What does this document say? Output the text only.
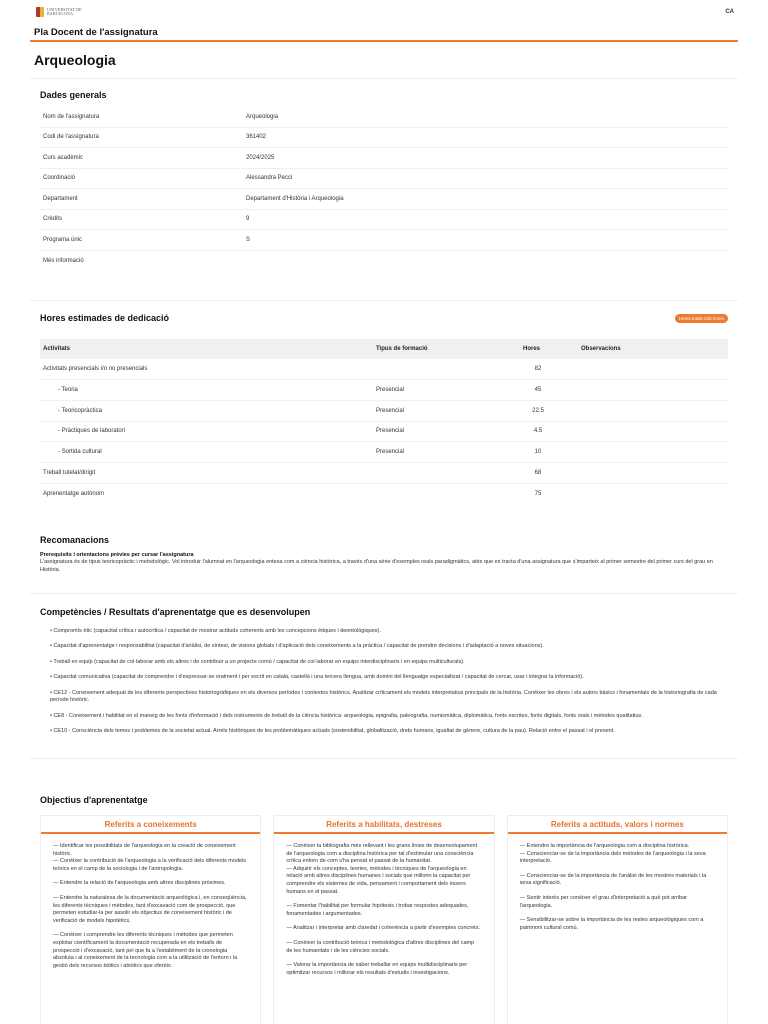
UNIVERSITAT DE
BARCELONA	CA
Pla Docent de l'assignatura
Arqueologia
Dades generals
Nom de l'assignatura	Arqueologia
Codi de l'assignatura	361402
Curs acadèmic	2024/2025
Coordinació	Alessandra Pecci
Departament	Departament d'Història i Arqueologia
Crèdits	9
Programa únic	S
Més informació
Hores estimades de dedicació	Hores totals 225 hores
Activitats	Tipus de formació	Hores	Observacions
Activitats presencials i/o no presencials		82	
- Teoria	Presencial	45	
- Teoricopràctica	Presencial	22.5	
- Pràctiques de laboratori	Presencial	4.5	
- Sortida cultural	Presencial	10	
Treball tutelat/dirigit		68	
Aprenentatge autònom		75	
Recomanacions
Prerequisits i orientacions prèvies per cursar l'assignatura
L'assignatura és de tipus teoricopràctic i metodològic. Vol introduir l'alumnat en l'arqueologia entesa com a ciència històrica, a través d'una sèrie d'exemples reals paradigmàtics, atès que es tracta d'una assignatura que s'imparteix al primer semestre del primer curs del grau en Història.
Competències / Resultats d'aprenentatge que es desenvolupen
• Compromís ètic (capacitat crítica i autocrítica / capacitat de mostrar actituds coherents amb les concepcions ètiques i deontològiques).
• Capacitat d'aprenentatge i responsabilitat (capacitat d'anàlisi, de síntesi, de visions globals i d'aplicació dels coneixements a la pràctica / capacitat de prendre decisions i d'adaptació a noves situacions).
• Treball en equip (capacitat de col·laborar amb els altres i de contribuir a un projecte comú / capacitat de col·laborar en equips interdisciplinaris i en equips multiculturals).
• Capacitat comunicativa (capacitat de comprendre i d'expressar-se oralment i per escrit en català, castellà i una tercera llengua, amb domini del llenguatge especialitzat / capacitat de cercar, usar i integrar la informació).
• CE12 - Coneixement adequat de les diferents perspectives historiogràfiques en els diversos períodes i contextos històrics. Analitzar críticament els models interpretatius principals de la història. Conèixer les obres i els autors bàsics i fonamentals de la historiografia de cada període històric.
• CE8 - Coneixement i habilitat en el maneig de les fonts d'informació i dels instruments de treball de la ciència històrica: arqueologia, epigrafia, paleografia, numismàtica, diplomàtica, fonts escrites, fonts digitals, fonts orals i mètodes qualitatius.
• CE10 - Consciència dels temes i problemes de la societat actual. Arrels històriques de les problemàtiques actuals (sostenibilitat, globalització, drets humans, igualtat de gènere, cultura de la pau). Relació entre el passat i el present.
Objectius d'aprenentatge
Referits a coneixements
— Identificar les possibilitats de l'arqueologia en la creació de coneixement històric.
— Conèixer la contribució de l'arqueologia a la verificació dels diferents models teòrics en el camp de la sociologia i de l'antropologia.
— Entendre la relació de l'arqueologia amb altres disciplines pròximes.
— Entendre la naturalesa de la documentació arqueològica i, en conseqüència, les diferents tècniques i mètodes, tant d'excavació com de prospecció, que permeten estudiar-la per assolir els objectius de coneixement històric i de verificació de models hipotètics.
— Conèixer i comprendre les diferents tècniques i mètodes que permeten explotar científicament la documentació recuperada en els treballs de prospecció i d'excavació, tant pel que fa a l'establiment de la cronologia absoluta i al coneixement de la tecnologia com a la utilització de l'entorn i la gestió dels recursos biòtics i abiòtics que oferéix.
Referits a habilitats, destreses
— Conèixer la bibliografia més rellevant i les grans línies de desenvolupament de l'arqueologia com a disciplina històrica per tal d'estimular una consciència crítica entorn de com s'ha pensat el passat de la humanitat.
— Adquirir els conceptes, teories, mètodes i tècniques de l'arqueologia en relació amb altres disciplines humanes i socials que millorin la capacitat per comprendre els sistemes de vida, pensament i comportament dels éssers humans en el passat.
— Fomentar l'habilitat per formular hipòtesis i trobar respostes adequades, fonamentades i argumentades.
— Analitzar i interpretar amb claredat i coherència a partir d'exemples concrets.
— Conèixer la contribució teòrica i metodològica d'altres disciplines del camp de les humanitats i de les ciències socials.
— Valorar la importància de saber treballar en equips multidisciplinaris per optimitzar recursos i millorar els resultats d'estudis i investigacions.
Referits a actituds, valors i normes
— Entendre la importància de l'arqueologia com a disciplina històrica.
— Conscienciar-se de la importància dels mètodes de l'arqueologia i la seva interpretació.
— Conscienciar-se de la importància de l'anàlisi de les mostres materials i la seva significació.
— Sentir interès per conèixer el grau d'interpretació a què pot arribar l'arqueologia.
— Sensibilitzar-se sobre la importància de les restes arqueològiques com a patrimoni cultural comú.
